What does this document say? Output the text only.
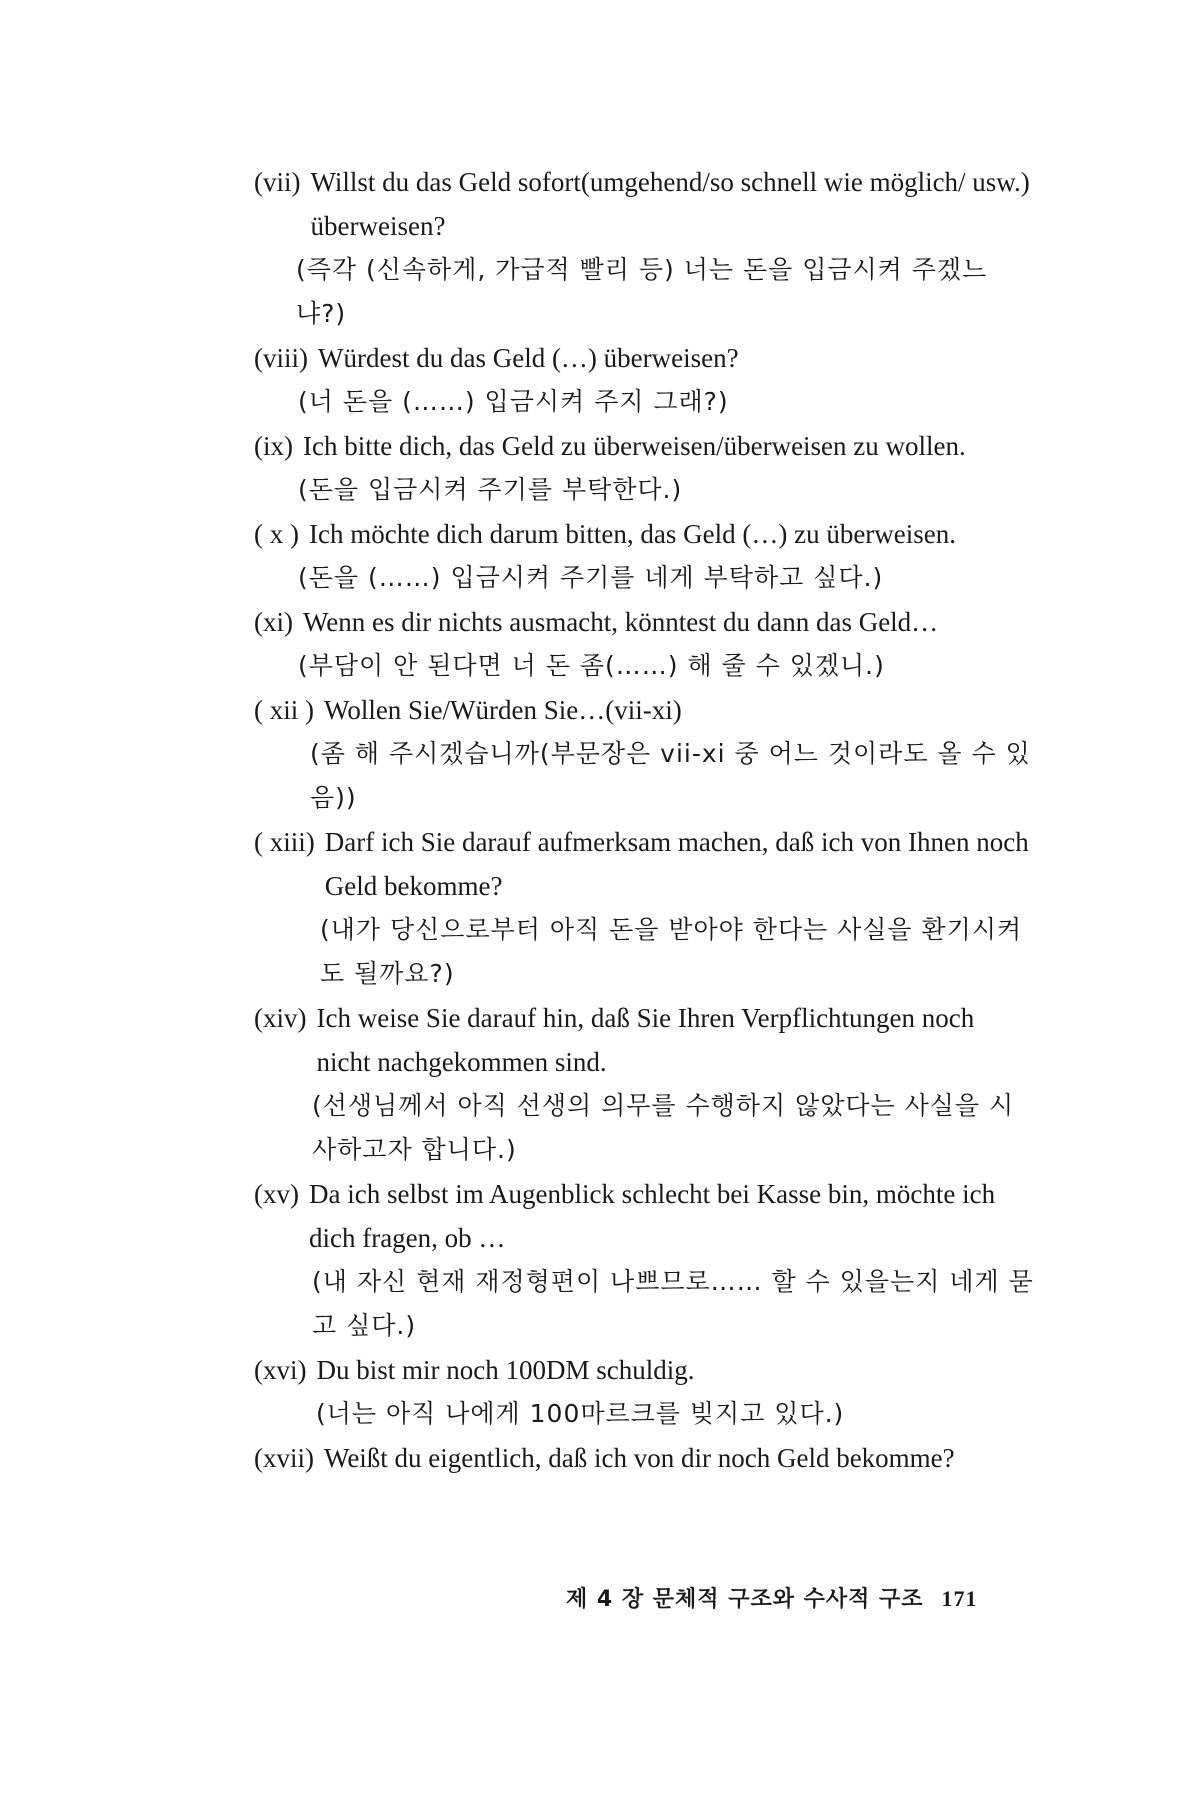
(vii) Willst du das Geld sofort(umgehend/so schnell wie möglich/ usw.) überweisen?
(즉각 (신속하게, 가급적 빨리 등) 너는 돈을 입금시켜 주겠느냐?)
(viii) Würdest du das Geld (…) überweisen?
(너 돈을 (……) 입금시켜 주지 그래?)
(ix) Ich bitte dich, das Geld zu überweisen/überweisen zu wollen.
(돈을 입금시켜 주기를 부탁한다.)
( x ) Ich möchte dich darum bitten, das Geld (…) zu überweisen.
(돈을 (……) 입금시켜 주기를 네게 부탁하고 싶다.)
(xi) Wenn es dir nichts ausmacht, könntest du dann das Geld…
(부담이 안 된다면 너 돈 좀(……) 해 줄 수 있겠니.)
( xii ) Wollen Sie/Würden Sie…(vii-xi)
(좀 해 주시겠습니까(부문장은 vii-xi 중 어느 것이라도 올 수 있음))
( xiii) Darf ich Sie darauf aufmerksam machen, daß ich von Ihnen noch Geld bekomme?
(내가 당신으로부터 아직 돈을 받아야 한다는 사실을 환기시켜도 될까요?)
(xiv) Ich weise Sie darauf hin, daß Sie Ihren Verpflichtungen noch nicht nachgekommen sind.
(선생님께서 아직 선생의 의무를 수행하지 않았다는 사실을 시사하고자 합니다.)
(xv) Da ich selbst im Augenblick schlecht bei Kasse bin, möchte ich dich fragen, ob …
(내 자신 현재 재정형편이 나쁘므로…… 할 수 있을는지 네게 묻고 싶다.)
(xvi) Du bist mir noch 100DM schuldig.
(너는 아직 나에게 100마르크를 빚지고 있다.)
(xvii) Weißt du eigentlich, daß ich von dir noch Geld bekomme?
제 4 장 문체적 구조와 수사적 구조 171
